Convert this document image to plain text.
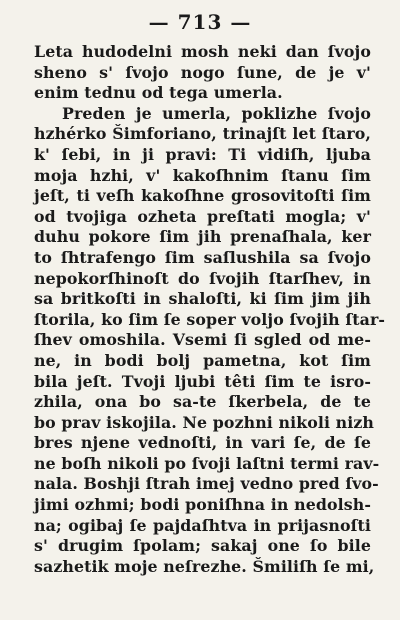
— 713 —
Leta hudodelni mosh neki dan ſvojo
sheno s' ſvojo nogo ſune, de je v'
enim tednu od tega umerla.
Preden je umerla, poklizhe ſvojo
hzhérko Šimforiano, trinajſt let ſtaro,
k' ſebi, in ji pravi: Ti vidiſh, ljuba
moja hzhi, v' kakoſhnim ſtanu ſim
jeſt, ti veſh kakoſhne grosovitoſti ſim
od tvojiga ozheta preſtati mogla; v'
duhu pokore ſim jih prenaſhala, ker
to ſhtrafengo ſim saſlushila sa ſvojo
nepokorſhinoſt do ſvojih ſtarſhev, in
sa britkoſti in shaloſti, ki ſim jim jih
ſtorila, ko ſim ſe soper voljo ſvojih ſtar-
ſhev omoshila. Vsemi ſi sgled od me-
ne, in bodi bolj pametna, kot ſim
bila jeſt. Tvoji ljubi têti ſim te isro-
zhila, ona bo sa-te ſkerbela, de te
bo prav iskojila. Ne pozhni nikoli nizh
bres njene vednoſti, in vari ſe, de ſe
ne boſh nikoli po ſvoji laſtni termi rav-
nala. Boshji ſtrah imej vedno pred ſvo-
jimi ozhmi; bodi poniſhna in nedolsh-
na; ogibaj ſe pajdaſhtva in prijasnoſti
s' drugim ſpolam; sakaj one ſo bile
sazhetik moje neſrezhe. Šmiliſh ſe mi,
